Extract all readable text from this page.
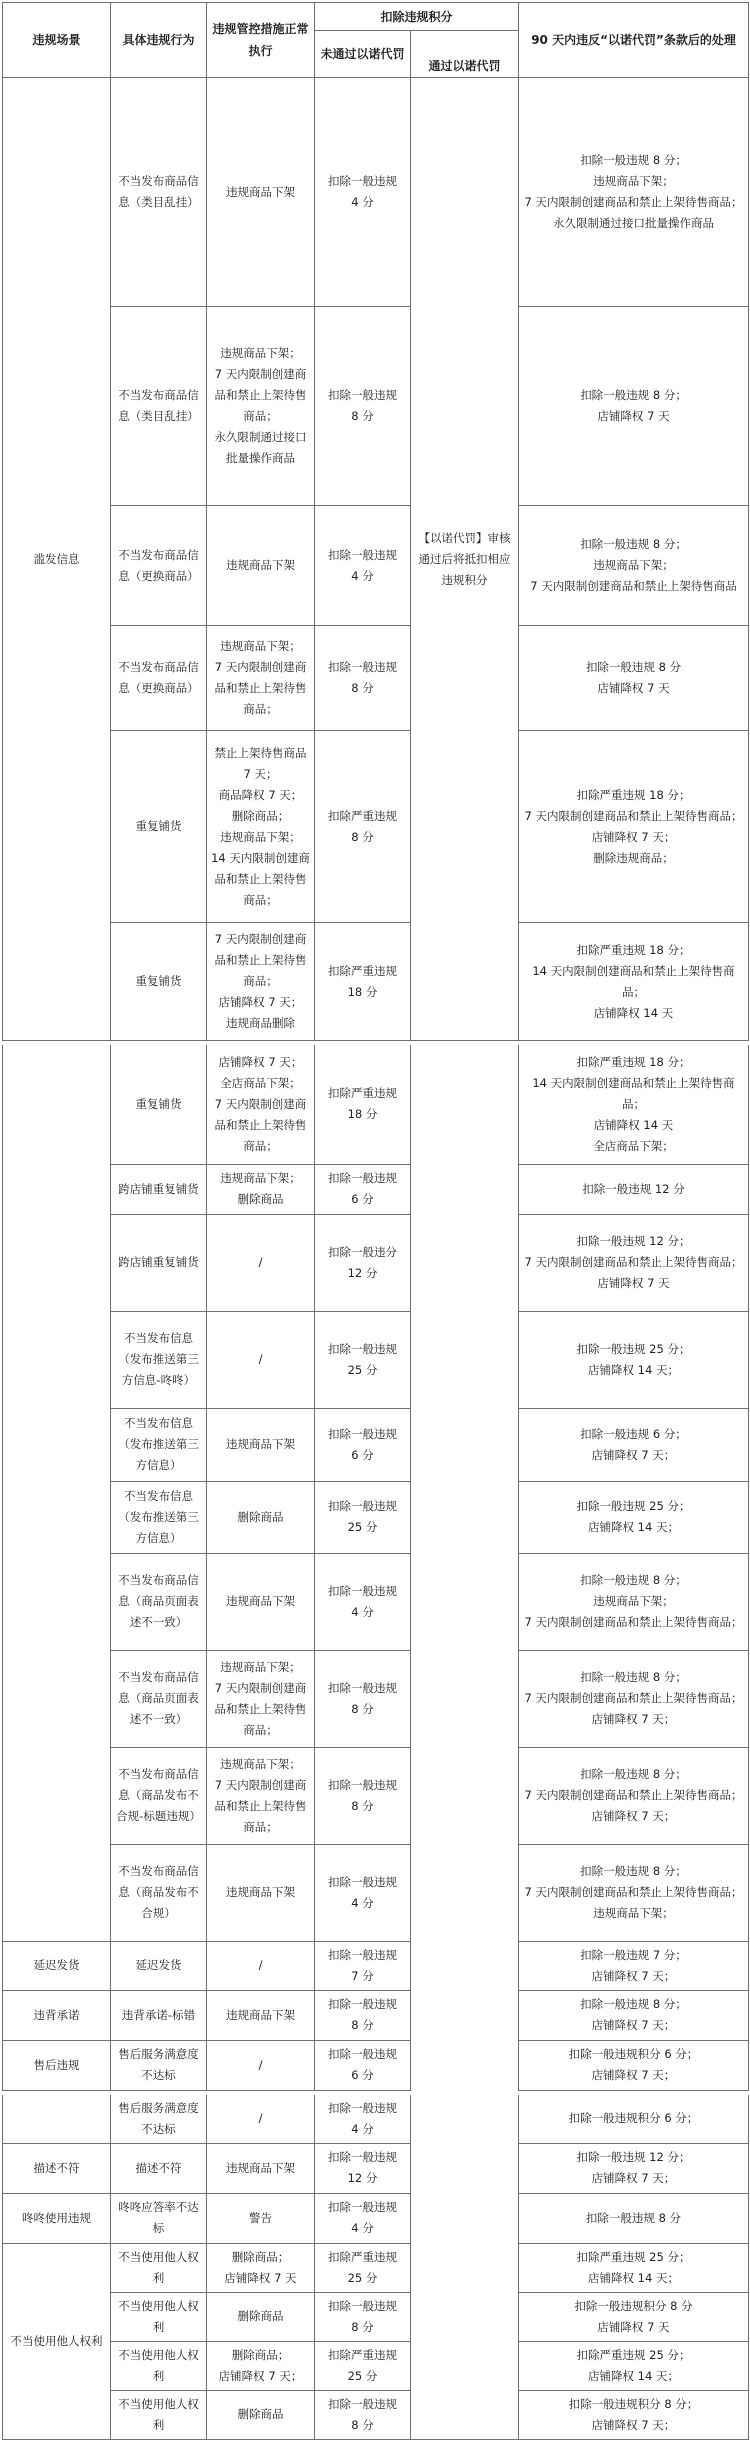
违规场景	具体违规行为	违规管控措施正常执行	扣除违规积分		90 天内违反“以诺代罚”条款后的处理
			未通过以诺代罚	通过以诺代罚	
滥发信息	不当发布商品信息（类目乱挂）	违规商品下架	扣除一般违规
4 分	【以诺代罚】审核通过后将抵扣相应违规积分	扣除一般违规 8 分；
违规商品下架；
7 天内限制创建商品和禁止上架待售商品；
永久限制通过接口批量操作商品

	不当发布商品信息（类目乱挂）	违规商品下架；
7 天内限制创建商品和禁止上架待售商品；
永久限制通过接口批量操作商品	扣除一般违规
8 分		扣除一般违规 8 分；
店铺降权 7 天

	不当发布商品信息（更换商品）	违规商品下架	扣除一般违规
4 分		扣除一般违规 8 分；
违规商品下架；
7 天内限制创建商品和禁止上架待售商品

	不当发布商品信息（更换商品）	违规商品下架；
7 天内限制创建商品和禁止上架待售商品；	扣除一般违规
8 分		扣除一般违规 8 分
店铺降权 7 天

	重复铺货	禁止上架待售商品 7 天；
商品降权 7 天；
删除商品；
违规商品下架；
14 天内限制创建商品和禁止上架待售商品；	扣除严重违规
8 分		扣除严重违规 18 分；
7 天内限制创建商品和禁止上架待售商品；
店铺降权 7 天；
删除违规商品；

	重复铺货	7 天内限制创建商品和禁止上架待售商品；
店铺降权 7 天；
违规商品删除	扣除严重违规
18 分		扣除严重违规 18 分；
14 天内限制创建商品和禁止上架待售商品；
店铺降权 14 天
	重复铺货	店铺降权 7 天；
全店商品下架；
7 天内限制创建商品和禁止上架待售商品；	扣除严重违规
18 分		扣除严重违规 18 分；
14 天内限制创建商品和禁止上架待售商品；
店铺降权 14 天
全店商品下架；

	跨店铺重复铺货	违规商品下架；
删除商品	扣除一般违规
6 分		扣除一般违规 12 分

	跨店铺重复铺货	/	扣除一般违分
12 分		扣除一般违规 12 分；
7 天内限制创建商品和禁止上架待售商品；
店铺降权 7 天

	不当发布信息（发布推送第三方信息-咚咚）	/	扣除一般违规
25 分		扣除一般违规 25 分；
店铺降权 14 天；

	不当发布信息（发布推送第三方信息）	违规商品下架	扣除一般违规
6 分		扣除一般违规 6 分；
店铺降权 7 天；

	不当发布信息（发布推送第三方信息）	删除商品	扣除一般违规
25 分		扣除一般违规 25 分；
店铺降权 14 天；

	不当发布商品信息（商品页面表述不一致）	违规商品下架	扣除一般违规
4 分		扣除一般违规 8 分；
违规商品下架；
7 天内限制创建商品和禁止上架待售商品；

	不当发布商品信息（商品页面表述不一致）	违规商品下架；
7 天内限制创建商品和禁止上架待售商品；	扣除一般违规
8 分		扣除一般违规 8 分；
7 天内限制创建商品和禁止上架待售商品；
店铺降权 7 天；

	不当发布商品信息（商品发布不合规-标题违规）	违规商品下架；
7 天内限制创建商品和禁止上架待售商品；	扣除一般违规
8 分		扣除一般违规 8 分；
7 天内限制创建商品和禁止上架待售商品；
店铺降权 7 天；

	不当发布商品信息（商品发布不合规）	违规商品下架	扣除一般违规
4 分		扣除一般违规 8 分；
7 天内限制创建商品和禁止上架待售商品；
违规商品下架；

延迟发货	延迟发货	/	扣除一般违规
7 分		扣除一般违规 7 分；
店铺降权 7 天；

违背承诺	违背承诺-标错	违规商品下架	扣除一般违规
8 分		扣除一般违规 8 分；
店铺降权 7 天；

售后违规	售后服务满意度不达标	/	扣除一般违规
6 分		扣除一般违规积分 6 分；
店铺降权 7 天；
	售后服务满意度不达标	/	扣除一般违规
4 分		扣除一般违规积分 6 分；

描述不符	描述不符	违规商品下架	扣除一般违规
12 分		扣除一般违规 12 分；
店铺降权 7 天；

咚咚使用违规	咚咚应答率不达标	警告	扣除一般违规
4 分		扣除一般违规 8 分

不当使用他人权利	不当使用他人权利	删除商品；
店铺降权 7 天	扣除严重违规
25 分		扣除严重违规 25 分；
店铺降权 14 天；

	不当使用他人权利	删除商品	扣除一般违规
8 分		扣除一般违规积分 8 分
店铺降权 7 天

	不当使用他人权利	删除商品；
店铺降权 7 天；	扣除严重违规
25 分		扣除严重违规 25 分；
店铺降权 14 天；

	不当使用他人权利	删除商品	扣除一般违规
8 分		扣除一般违规积分 8 分；
店铺降权 7 天；
